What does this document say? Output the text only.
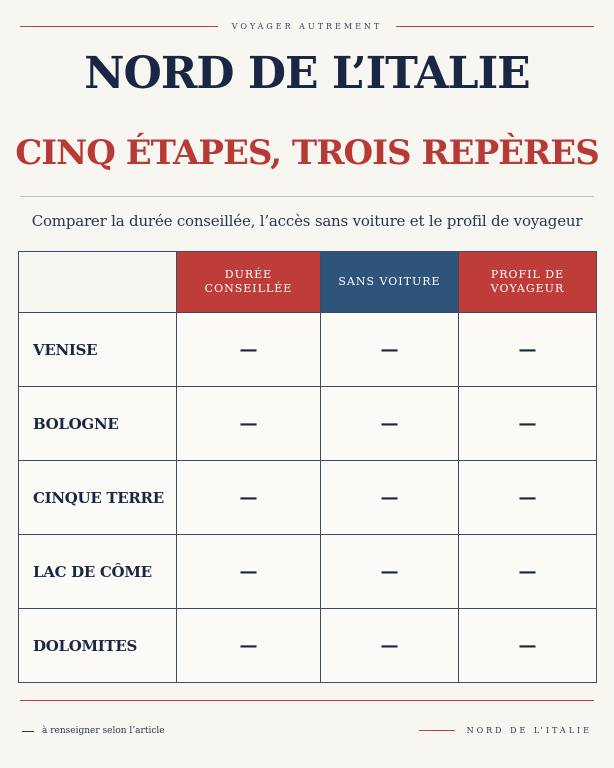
VOYAGER AUTREMENT
NORD DE L’ITALIE
CINQ ÉTAPES, TROIS REPÈRES
Comparer la durée conseillée, l’accès sans voiture et le profil de voyageur
	DURÉE CONSEILLÉE	SANS VOITURE	PROFIL DE VOYAGEUR
VENISE	—	—	—
BOLOGNE	—	—	—
CINQUE TERRE	—	—	—
LAC DE CÔME	—	—	—
DOLOMITES	—	—	—
à renseigner selon l’article	NORD DE L’ITALIE
